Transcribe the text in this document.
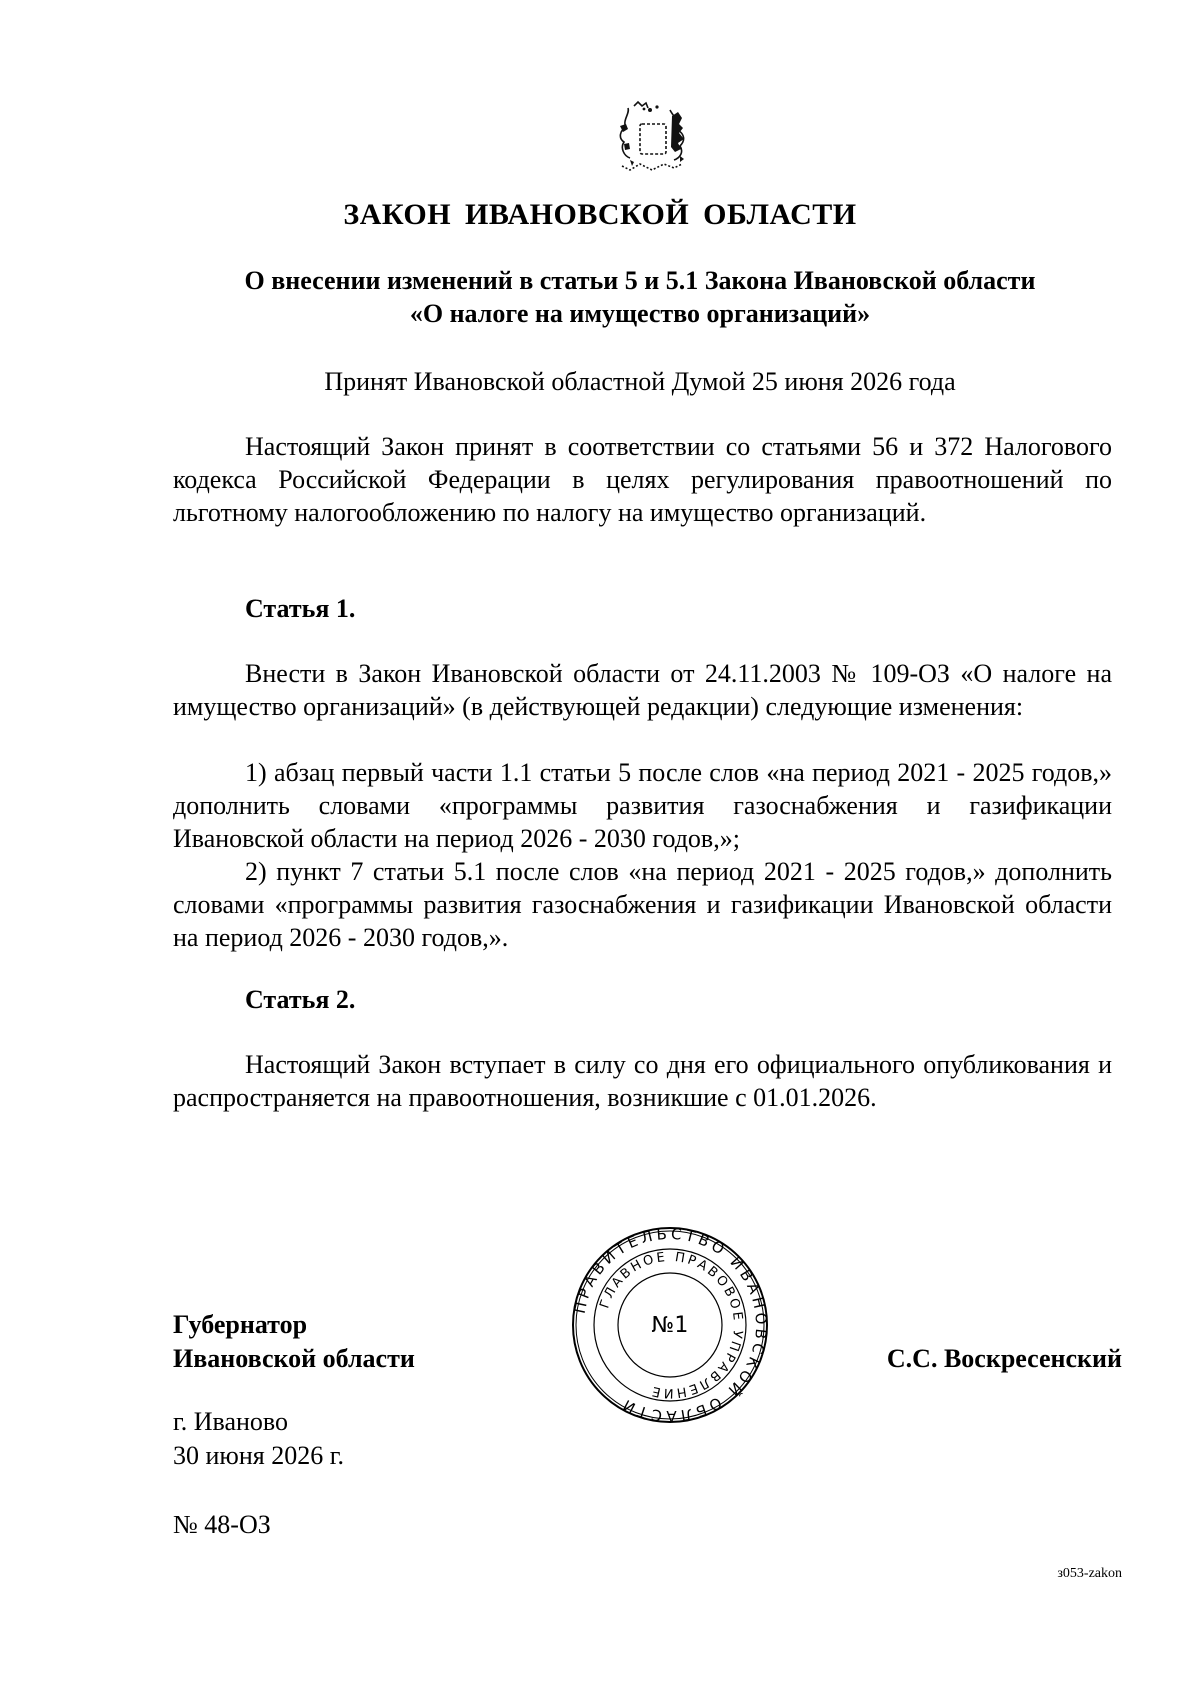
ЗАКОН ИВАНОВСКОЙ ОБЛАСТИ
О внесении изменений в статьи 5 и 5.1 Закона Ивановской области
«О налоге на имущество организаций»
Принят Ивановской областной Думой 25 июня 2026 года

Настоящий Закон принят в соответствии со статьями 56 и 372 Налогового кодекса Российской Федерации в целях регулирования правоотношений по льготному налогообложению по налогу на имущество организаций.

Статья 1.

Внести в Закон Ивановской области от 24.11.2003 № 109-ОЗ «О налоге на имущество организаций» (в действующей редакции) следующие изменения:

1) абзац первый части 1.1 статьи 5 после слов «на период 2021 - 2025 годов,» дополнить словами «программы развития газоснабжения и газификации Ивановской области на период 2026 - 2030 годов,»;

2) пункт 7 статьи 5.1 после слов «на период 2021 - 2025 годов,» дополнить словами «программы развития газоснабжения и газификации Ивановской области на период 2026 - 2030 годов,».

Статья 2.

Настоящий Закон вступает в силу со дня его официального опубликования и распространяется на правоотношения, возникшие с 01.01.2026.

Губернатор
Ивановской области
ПРАВИТЕЛЬСТВО ИВАНОВСКОЙ ОБЛАСТИ
ГЛАВНОЕ ПРАВОВОЕ УПРАВЛЕНИЕ
№1
С.С. Воскресенский
г. Иваново
30 июня 2026 г.
№ 48-ОЗ
з053-zakon
